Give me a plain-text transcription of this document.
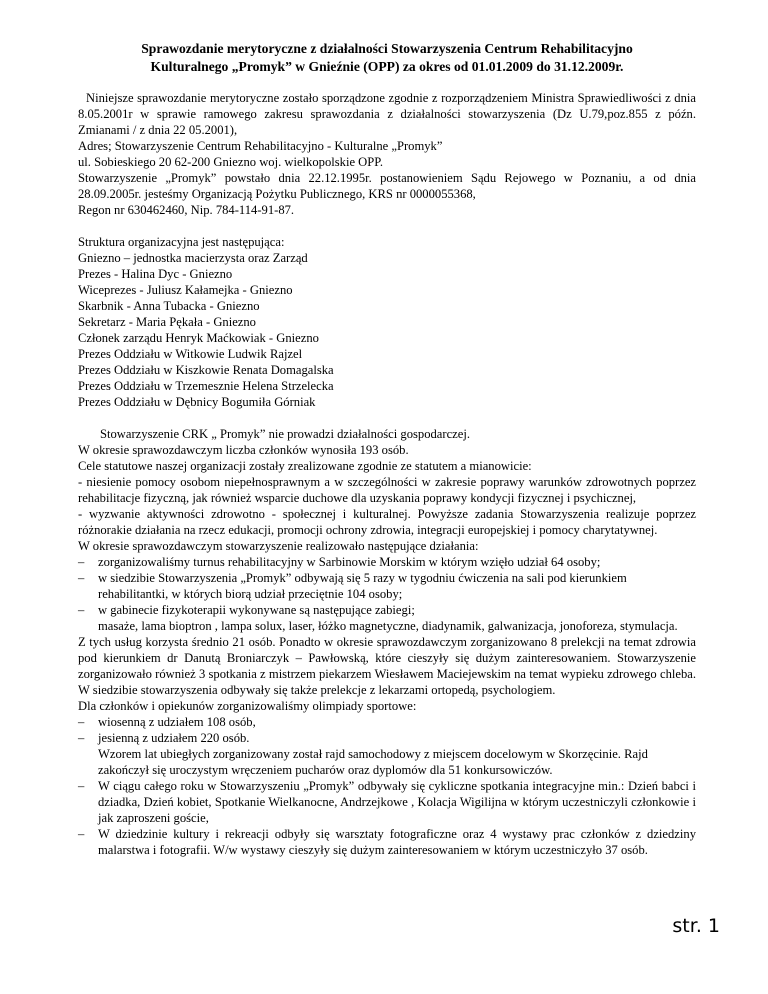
Sprawozdanie merytoryczne z działalności Stowarzyszenia Centrum Rehabilitacyjno
Kulturalnego „Promyk” w Gnieźnie (OPP) za okres od 01.01.2009 do 31.12.2009r.

Niniejsze sprawozdanie merytoryczne zostało sporządzone zgodnie z rozporządzeniem Ministra Sprawiedliwości z dnia 8.05.2001r w sprawie ramowego zakresu sprawozdania z działalności stowarzyszenia (Dz U.79,poz.855 z późn. Zmianami / z dnia 22 05.2001),

Adres; Stowarzyszenie Centrum Rehabilitacyjno - Kulturalne „Promyk”

ul. Sobieskiego 20 62-200 Gniezno woj. wielkopolskie OPP.

Stowarzyszenie „Promyk” powstało dnia 22.12.1995r. postanowieniem Sądu Rejowego w Poznaniu, a od dnia 28.09.2005r. jesteśmy Organizacją Pożytku Publicznego, KRS nr 0000055368,

Regon nr 630462460, Nip. 784-114-91-87.

Struktura organizacyjna jest następująca:

Gniezno – jednostka macierzysta oraz Zarząd

Prezes - Halina Dyc - Gniezno

Wiceprezes - Juliusz Kałamejka - Gniezno

Skarbnik - Anna Tubacka - Gniezno

Sekretarz - Maria Pękała - Gniezno

Członek zarządu Henryk Maćkowiak - Gniezno

Prezes Oddziału w Witkowie Ludwik Rajzel

Prezes Oddziału w Kiszkowie Renata Domagalska

Prezes Oddziału w Trzemesznie Helena Strzelecka

Prezes Oddziału w Dębnicy Bogumiła Górniak

Stowarzyszenie CRK „ Promyk” nie prowadzi działalności gospodarczej.

W okresie sprawozdawczym liczba członków wynosiła 193 osób.

Cele statutowe naszej organizacji zostały zrealizowane zgodnie ze statutem a mianowicie:

- niesienie pomocy osobom niepełnosprawnym a w szczególności w zakresie poprawy warunków zdrowotnych poprzez rehabilitacje fizyczną, jak również wsparcie duchowe dla uzyskania poprawy kondycji fizycznej i psychicznej,

- wyzwanie aktywności zdrowotno - społecznej i kulturalnej. Powyższe zadania Stowarzyszenia realizuje poprzez różnorakie działania na rzecz edukacji, promocji ochrony zdrowia, integracji europejskiej i pomocy charytatywnej.

W okresie sprawozdawczym stowarzyszenie realizowało następujące działania:

–	zorganizowaliśmy turnus rehabilitacyjny w Sarbinowie Morskim w którym wzięło udział 64 osoby;
–	w siedzibie Stowarzyszenia „Promyk” odbywają się 5 razy w tygodniu ćwiczenia na sali pod kierunkiem rehabilitantki, w których biorą udział przeciętnie 104 osoby;
–	w gabinecie fizykoterapii wykonywane są następujące zabiegi;
masaże, lama bioptron , lampa solux, laser, łóżko magnetyczne, diadynamik, galwanizacja, jonoforeza, stymulacja.

Z tych usług korzysta średnio 21 osób. Ponadto w okresie sprawozdawczym zorganizowano 8 prelekcji na temat zdrowia pod kierunkiem dr Danutą Broniarczyk – Pawłowską, które cieszyły się dużym zainteresowaniem. Stowarzyszenie zorganizowało również 3 spotkania z mistrzem piekarzem Wiesławem Maciejewskim na temat wypieku zdrowego chleba. W siedzibie stowarzyszenia odbywały się także prelekcje z lekarzami ortopedą, psychologiem.

Dla członków i opiekunów zorganizowaliśmy olimpiady sportowe:

–	wiosenną z udziałem 108 osób,
–	jesienną z udziałem 220 osób.
Wzorem lat ubiegłych zorganizowany został rajd samochodowy z miejscem docelowym w Skorzęcinie. Rajd zakończył się uroczystym wręczeniem pucharów oraz dyplomów dla 51 konkursowiczów.
–	W ciągu całego roku w Stowarzyszeniu „Promyk” odbywały się cykliczne spotkania integracyjne min.: Dzień babci i dziadka, Dzień kobiet, Spotkanie Wielkanocne, Andrzejkowe , Kolacja Wigilijna w którym uczestniczyli członkowie i jak zaproszeni goście,
–	W dziedzinie kultury i rekreacji odbyły się warsztaty fotograficzne oraz 4 wystawy prac członków z dziedziny malarstwa i fotografii. W/w wystawy cieszyły się dużym zainteresowaniem w którym uczestniczyło 37 osób.
str. 1
